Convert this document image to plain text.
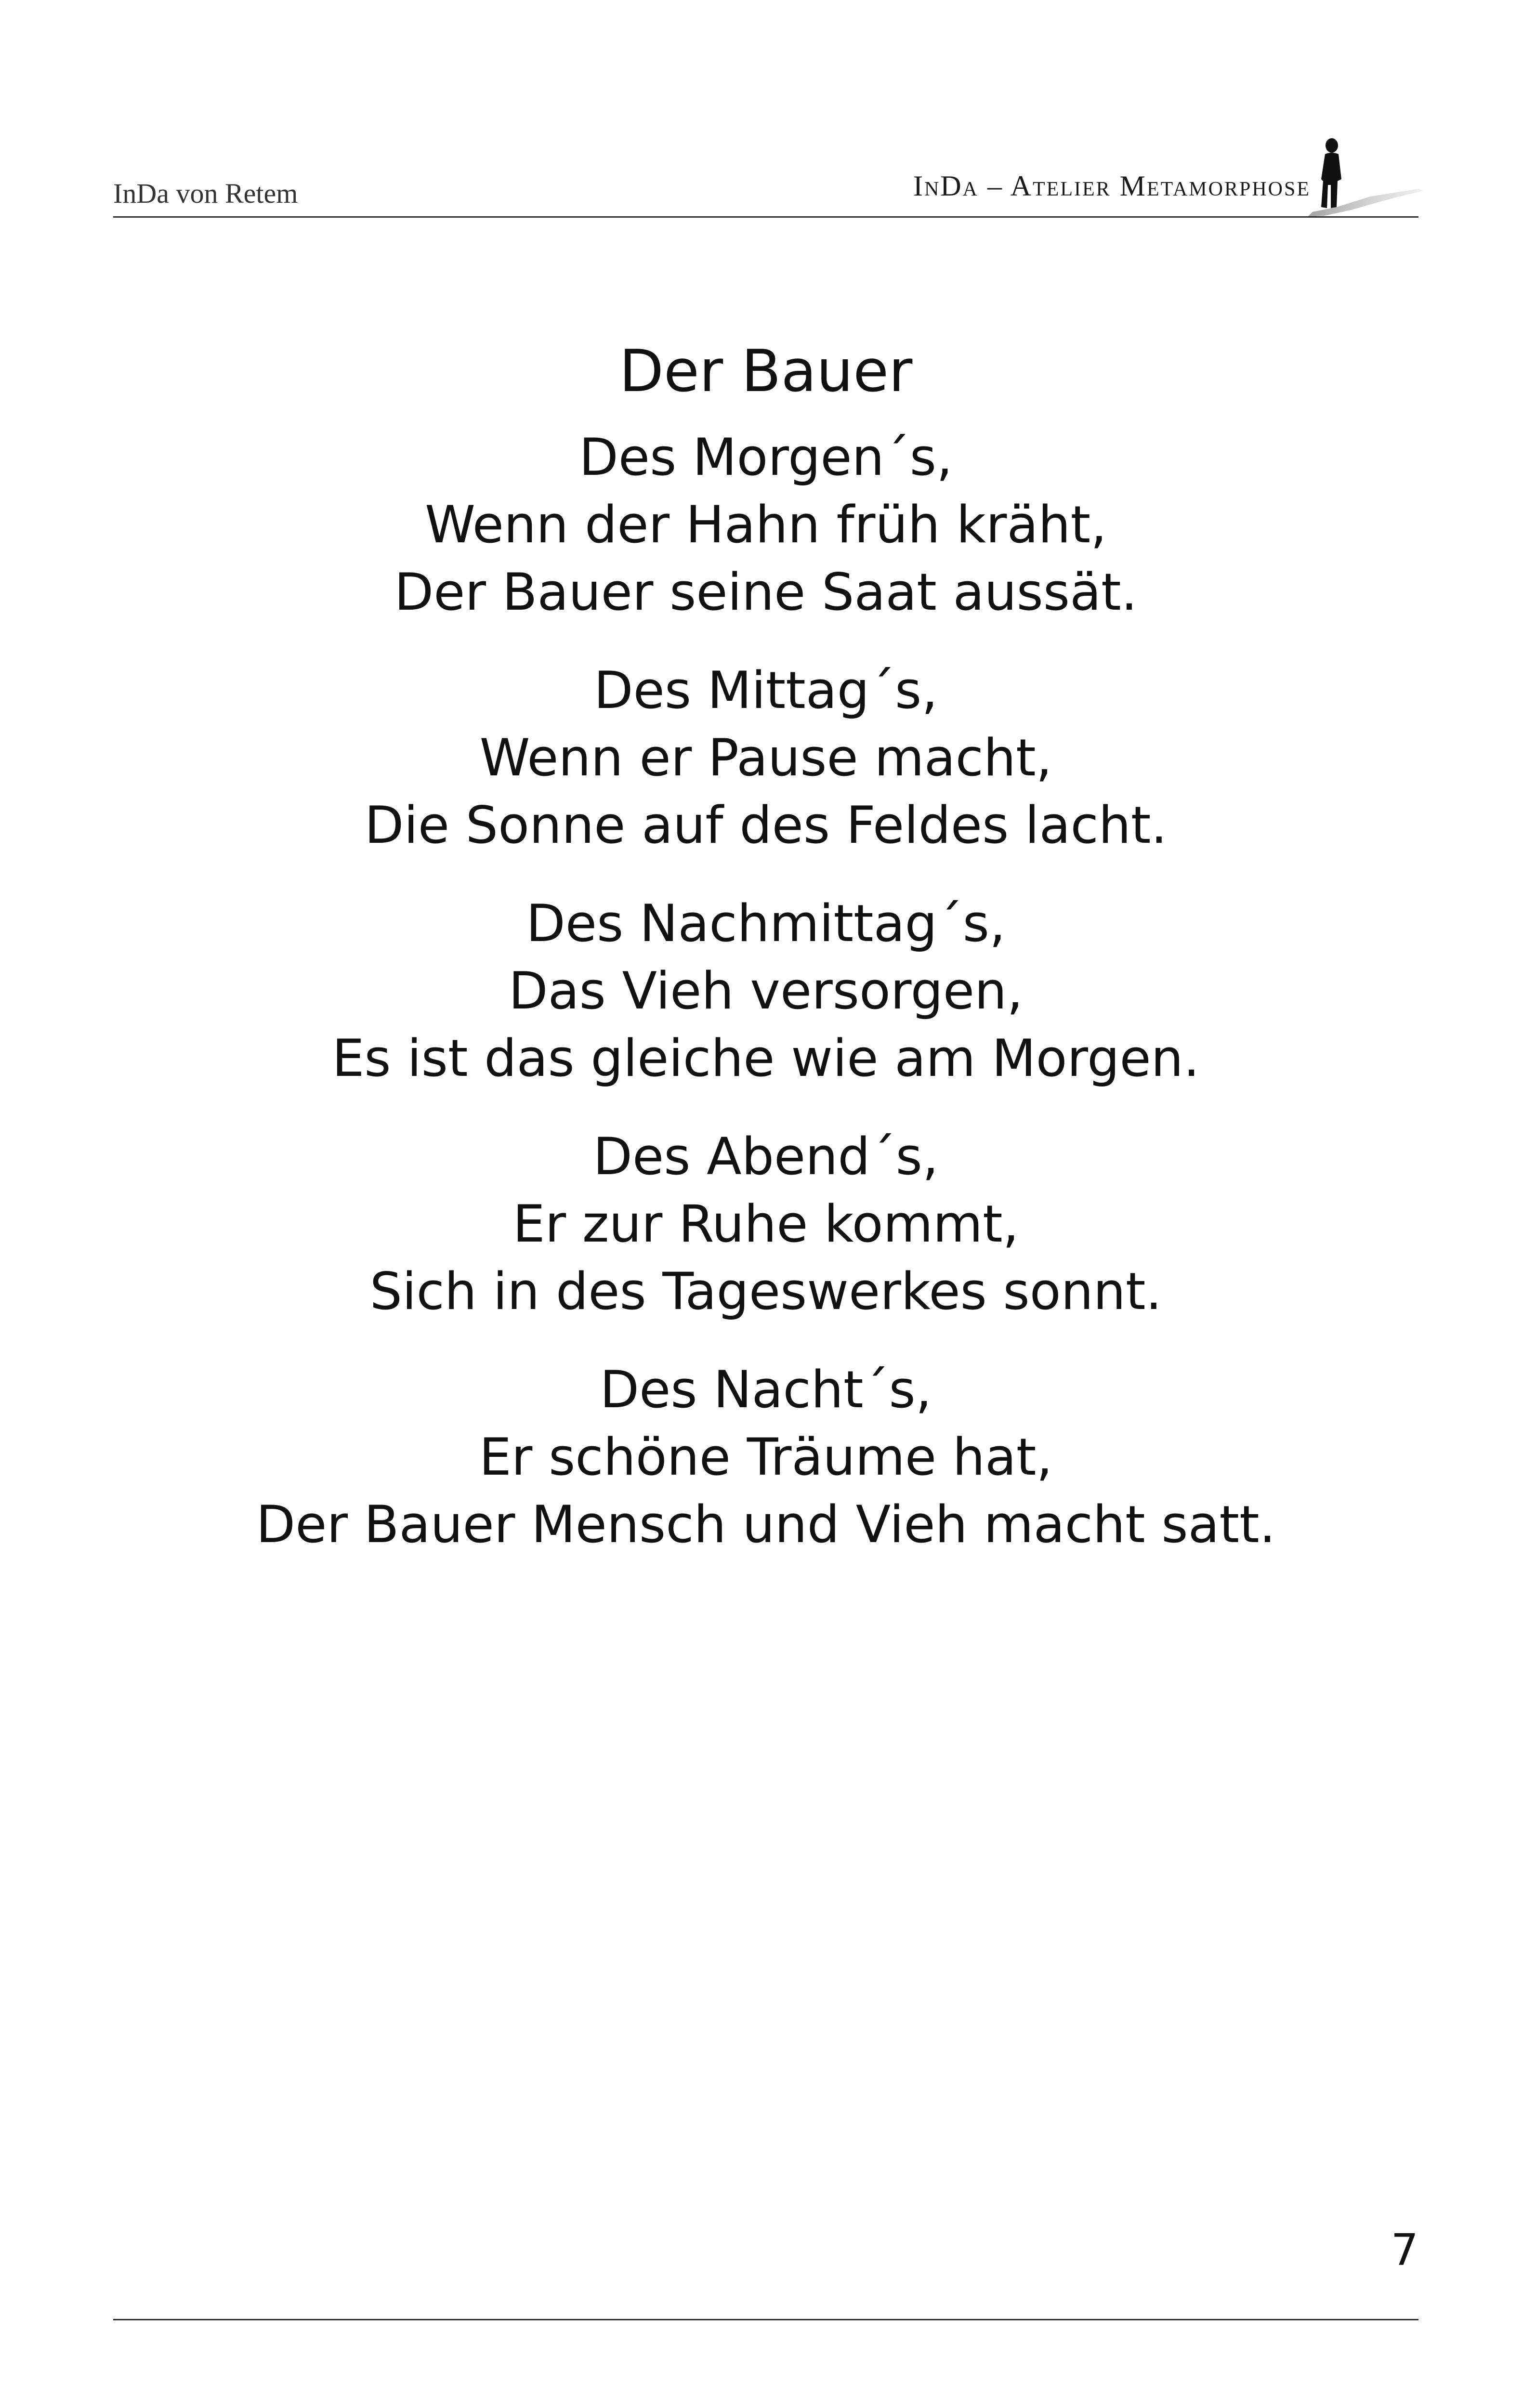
InDa von Retem	InDa – Atelier Metamorphose
Der Bauer
Des Morgen´s,
Wenn der Hahn früh kräht,
Der Bauer seine Saat aussät.
Des Mittag´s,
Wenn er Pause macht,
Die Sonne auf des Feldes lacht.
Des Nachmittag´s,
Das Vieh versorgen,
Es ist das gleiche wie am Morgen.
Des Abend´s,
Er zur Ruhe kommt,
Sich in des Tageswerkes sonnt.
Des Nacht´s,
Er schöne Träume hat,
Der Bauer Mensch und Vieh macht satt.
7
